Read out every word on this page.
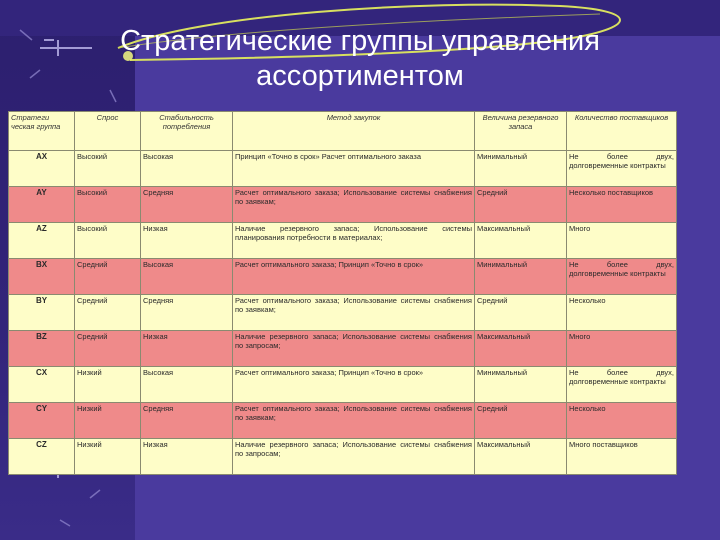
Стратегические группы управления
ассортиментом
Стратеги ческая группа	Спрос	Стабильность потребления	Метод закупок	Величина резервного запаса	Количество поставщиков
AX	Высокий	Высокая	Принцип «Точно в срок» Расчет оптимального заказа	Минимальный	Не более двух, долговременные контракты
AY	Высокий	Средняя	Расчет оптимального заказа; Использование системы снабжения по заявкам;	Средний	Несколько поставщиков
AZ	Высокий	Низкая	Наличие резервного запаса; Использование системы планирования потребности в материалах;	Максимальный	Много
BX	Средний	Высокая	Расчет оптимального заказа; Принцип «Точно в срок»	Минимальный	Не более двух, долговременные контракты
BY	Средний	Средняя	Расчет оптимального заказа; Использование системы снабжения по заявкам;	Средний	Несколько
BZ	Средний	Низкая	Наличие резервного запаса; Использование системы снабжения по запросам;	Максимальный	Много
CX	Низкий	Высокая	Расчет оптимального заказа; Принцип «Точно в срок»	Минимальный	Не более двух, долговременные контракты
CY	Низкий	Средняя	Расчет оптимального заказа; Использование системы снабжения по заявкам;	Средний	Несколько
CZ	Низкий	Низкая	Наличие резервного запаса; Использование системы снабжения по запросам;	Максимальный	Много поставщиков
